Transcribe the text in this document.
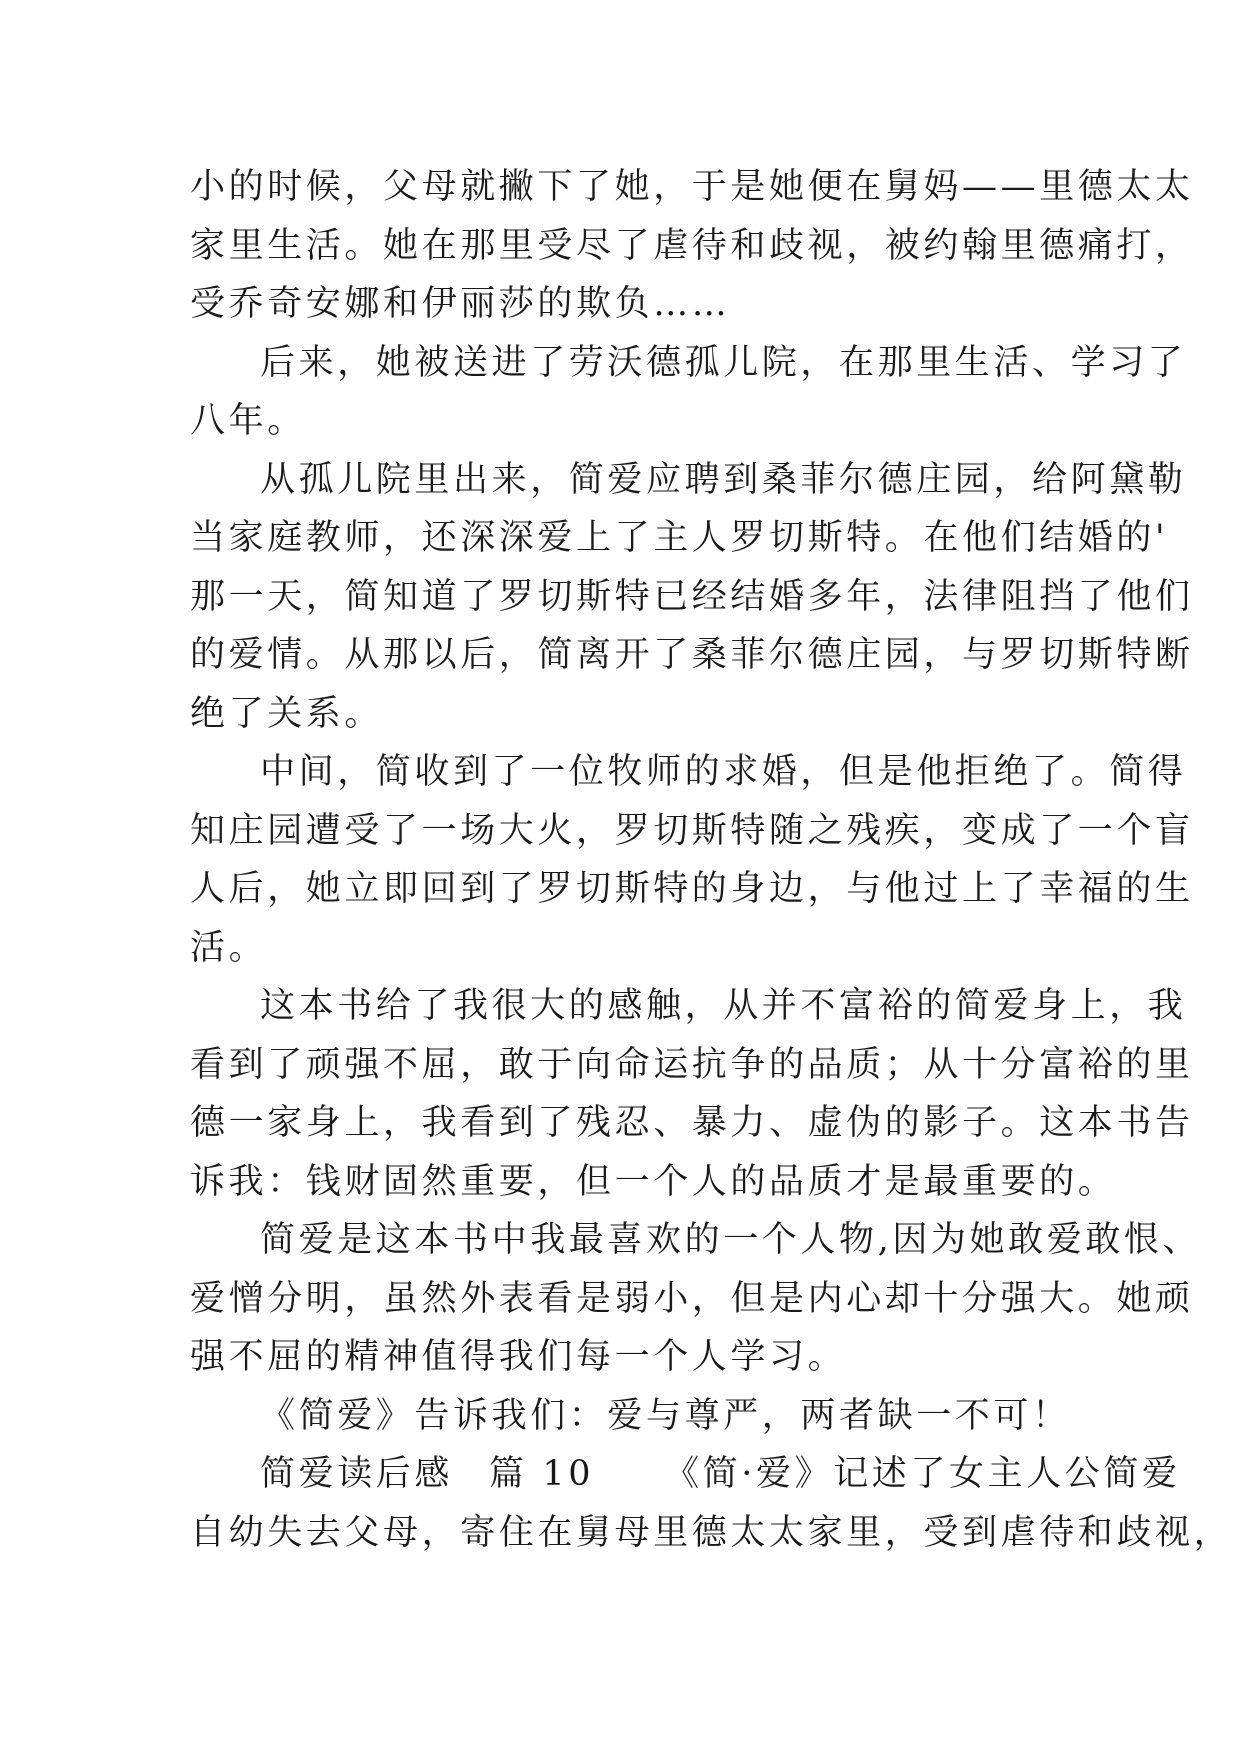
小的时候，父母就撇下了她，于是她便在舅妈——里德太太
家里生活。她在那里受尽了虐待和歧视，被约翰里德痛打，
受乔奇安娜和伊丽莎的欺负……
后来，她被送进了劳沃德孤儿院，在那里生活、学习了
八年。
从孤儿院里出来，简爱应聘到桑菲尔德庄园，给阿黛勒
当家庭教师，还深深爱上了主人罗切斯特。在他们结婚的'
那一天，简知道了罗切斯特已经结婚多年，法律阻挡了他们
的爱情。从那以后，简离开了桑菲尔德庄园，与罗切斯特断
绝了关系。
中间，简收到了一位牧师的求婚，但是他拒绝了。简得
知庄园遭受了一场大火，罗切斯特随之残疾，变成了一个盲
人后，她立即回到了罗切斯特的身边，与他过上了幸福的生
活。
这本书给了我很大的感触，从并不富裕的简爱身上，我
看到了顽强不屈，敢于向命运抗争的品质；从十分富裕的里
德一家身上，我看到了残忍、暴力、虚伪的影子。这本书告
诉我：钱财固然重要，但一个人的品质才是最重要的。
简爱是这本书中我最喜欢的一个人物,因为她敢爱敢恨、
爱憎分明，虽然外表看是弱小，但是内心却十分强大。她顽
强不屈的精神值得我们每一个人学习。
《简爱》告诉我们：爱与尊严，两者缺一不可！
简爱读后感 篇 10 《简·爱》记述了女主人公简爱
自幼失去父母，寄住在舅母里德太太家里，受到虐待和歧视，
